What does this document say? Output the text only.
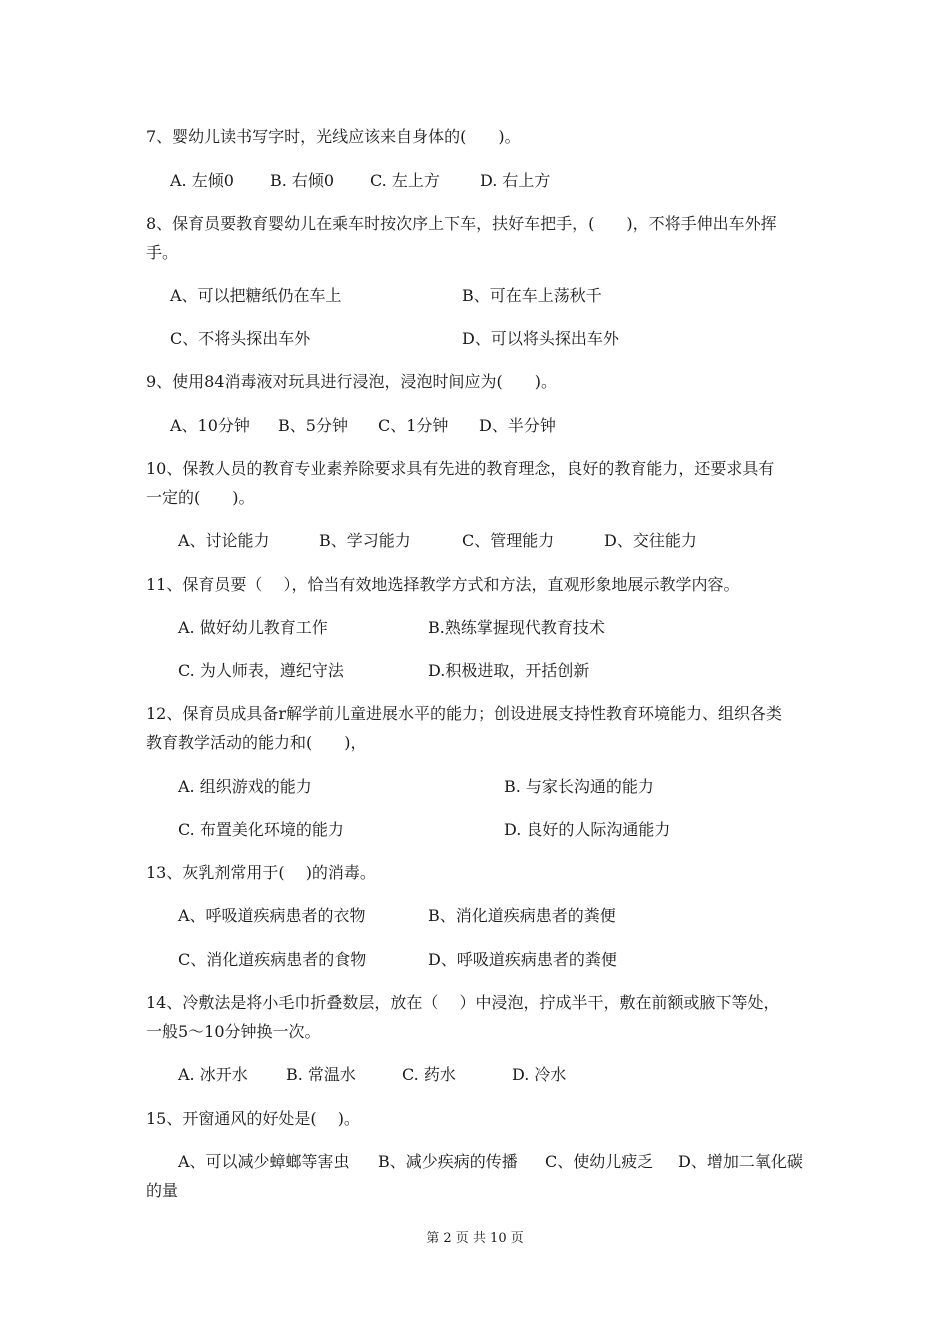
7、婴幼儿读书写字时，光线应该来自身体的(　　)。
A. 左倾0 B. 右倾0 C. 左上方	D. 右上方
8、保育员要教育婴幼儿在乘车时按次序上下车，扶好车把手，(　　)，不将手伸出车外挥
手。
A、可以把糖纸仍在车上	B、可在车上荡秋千
C、不将头探出车外	D、可以将头探出车外
9、使用84消毒液对玩具进行浸泡，浸泡时间应为(　　)。
A、10分钟 B、5分钟 C、1分钟 D、半分钟
10、保教人员的教育专业素养除要求具有先进的教育理念，良好的教育能力，还要求具有
一定的(　　)。
A、讨论能力	B、学习能力	C、管理能力	D、交往能力
11、保育员要（　 ），恰当有效地选择教学方式和方法，直观形象地展示教学内容。
A. 做好幼儿教育工作	B.熟练掌握现代教育技术
C. 为人师表，遵纪守法	D.积极进取，开括创新
12、保育员成具备r解学前儿童进展水平的能力；创设进展支持性教育环境能力、组织各类
教育教学活动的能力和(　　)，
A. 组织游戏的能力	B. 与家长沟通的能力
C. 布置美化环境的能力	D. 良好的人际沟通能力
13、灰乳剂常用于(　 )的消毒。
A、呼吸道疾病患者的衣物	B、消化道疾病患者的粪便
C、消化道疾病患者的食物	D、呼吸道疾病患者的粪便
14、冷敷法是将小毛巾折叠数层，放在（　 ）中浸泡，拧成半干，敷在前额或腋下等处，
一般5～10分钟换一次。
A. 冰开水 B. 常温水	C. 药水	D. 冷水
15、开窗通风的好处是(　 )。
A、可以减少蟑螂等害虫 B、减少疾病的传播 C、使幼儿疲乏 D、增加二氧化碳
的量
第 2 页 共 10 页
